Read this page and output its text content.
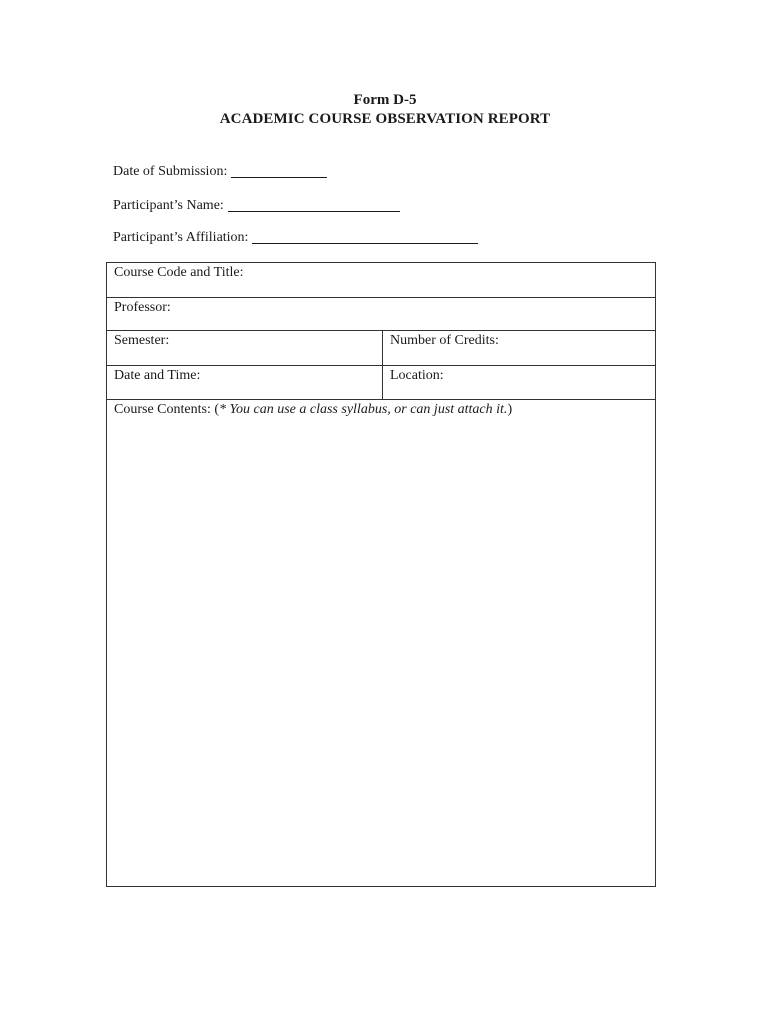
Form D-5
ACADEMIC COURSE OBSERVATION REPORT
Date of Submission:
Participant’s Name:
Participant’s Affiliation:
Course Code and Title:
Professor:
Semester:	Number of Credits:
Date and Time:	Location:
Course Contents: (* You can use a class syllabus, or can just attach it.)
